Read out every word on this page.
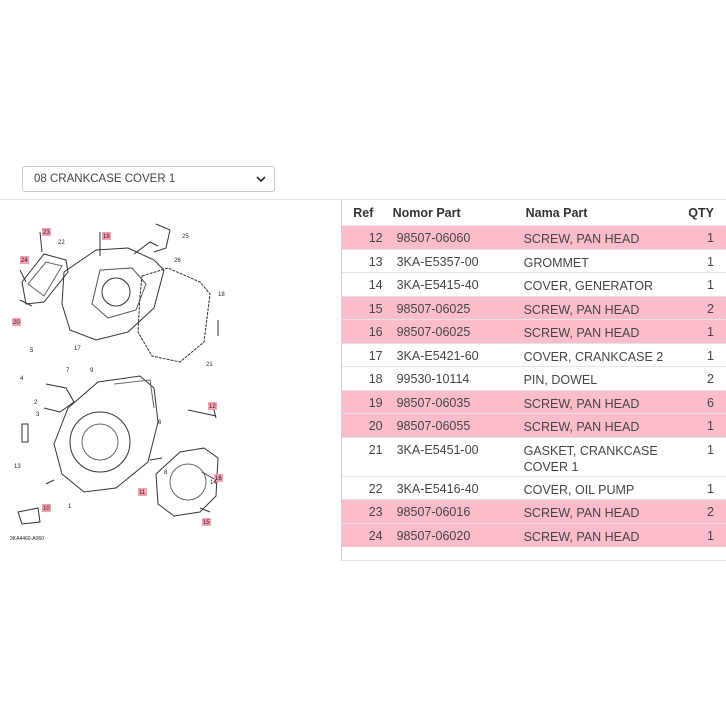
08 CRANKCASE COVER 1
23
22
19	25
26
24
20
18
17
21
5
4
3
2
9
7
12
13
11
16
10
14
15
1
6
8
3KA4460-A060
Ref	Nomor Part	Nama Part	QTY
12	98507-06060	SCREW, PAN HEAD	1
13	3KA-E5357-00	GROMMET	1
14	3KA-E5415-40	COVER, GENERATOR	1
15	98507-06025	SCREW, PAN HEAD	2
16	98507-06025	SCREW, PAN HEAD	1
17	3KA-E5421-60	COVER, CRANKCASE 2	1
18	99530-10114	PIN, DOWEL	2
19	98507-06035	SCREW, PAN HEAD	6
20	98507-06055	SCREW, PAN HEAD	1
21	3KA-E5451-00	GASKET, CRANKCASE COVER 1	1
22	3KA-E5416-40	COVER, OIL PUMP	1
23	98507-06016	SCREW, PAN HEAD	2
24	98507-06020	SCREW, PAN HEAD	1
